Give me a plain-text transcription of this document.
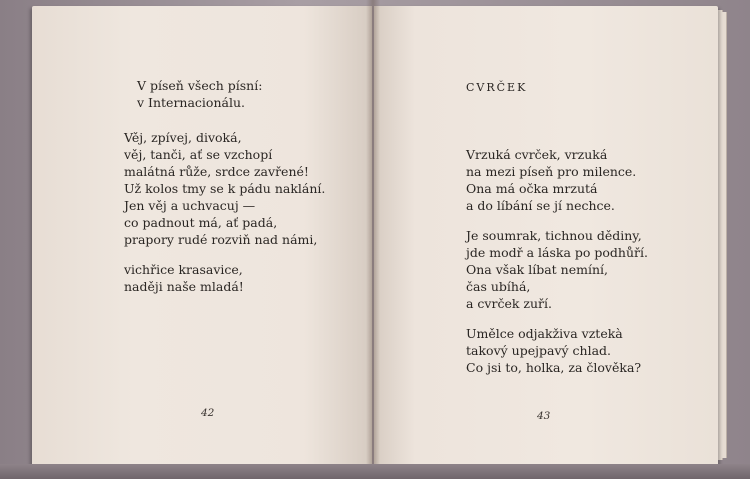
V píseň všech písní:
v Internacionálu.
Věj, zpívej, divoká,
věj, tanči, ať se vzchopí
malátná růže, srdce zavřené!
Už kolos tmy se k pádu naklání.
Jen věj a uchvacuj —
co padnout má, ať padá,
prapory rudé rozviň nad námi,
vichřice krasavice,
naději naše mladá!
42
CVRČEK
Vrzuká cvrček, vrzuká
na mezi píseň pro milence.
Ona má očka mrzutá
a do líbání se jí nechce.
Je soumrak, tichnou dědiny,
jde modř a láska po podhůří.
Ona však líbat nemíní,
čas ubíhá,
a cvrček zuří.
Umělce odjakživa vztekà
takový upejpavý chlad.
Co jsi to, holka, za člověka?
43
